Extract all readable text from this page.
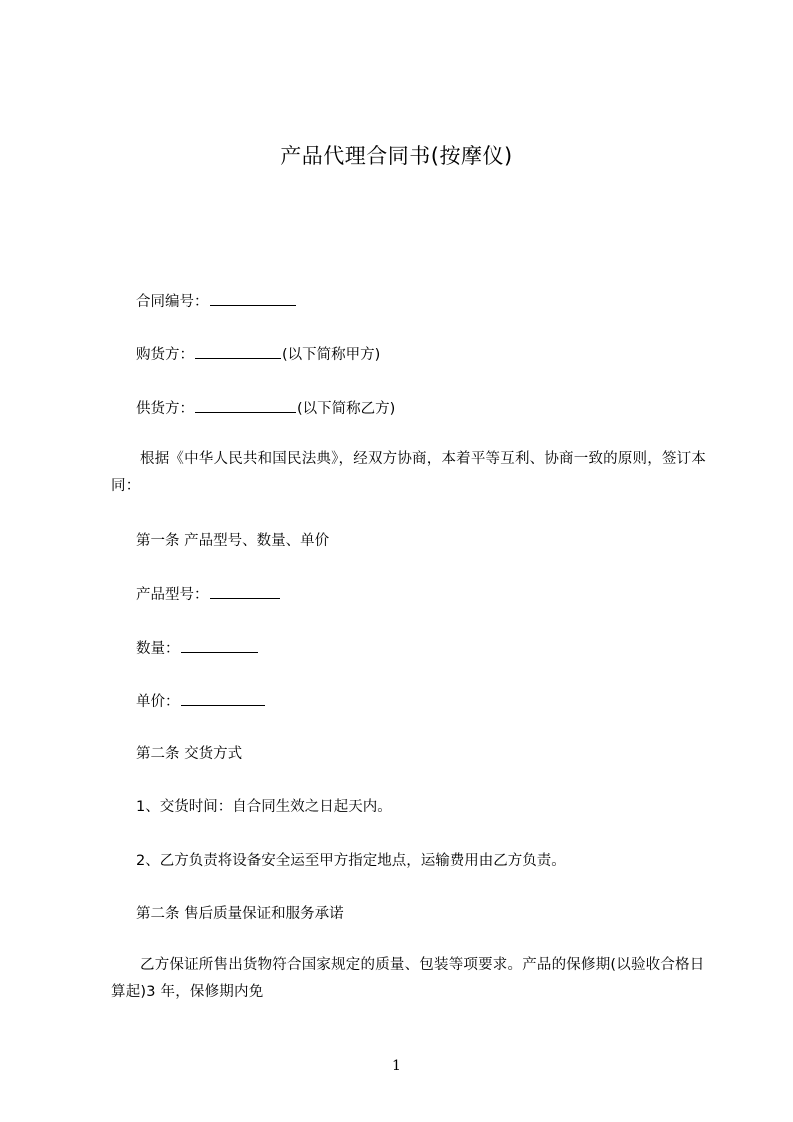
产品代理合同书(按摩仪)
合同编号：
购货方：	(以下简称甲方)
供货方：	(以下简称乙方)
根据《中华人民共和国民法典》，经双方协商，本着平等互利、协商一致的原则，签订本同：
第一条 产品型号、数量、单价
产品型号：
数量：
单价：
第二条 交货方式
1、交货时间：自合同生效之日起天内。
2、乙方负责将设备安全运至甲方指定地点，运输费用由乙方负责。
第二条 售后质量保证和服务承诺
乙方保证所售出货物符合国家规定的质量、包装等项要求。产品的保修期(以验收合格日算起)3 年，保修期内免
1
